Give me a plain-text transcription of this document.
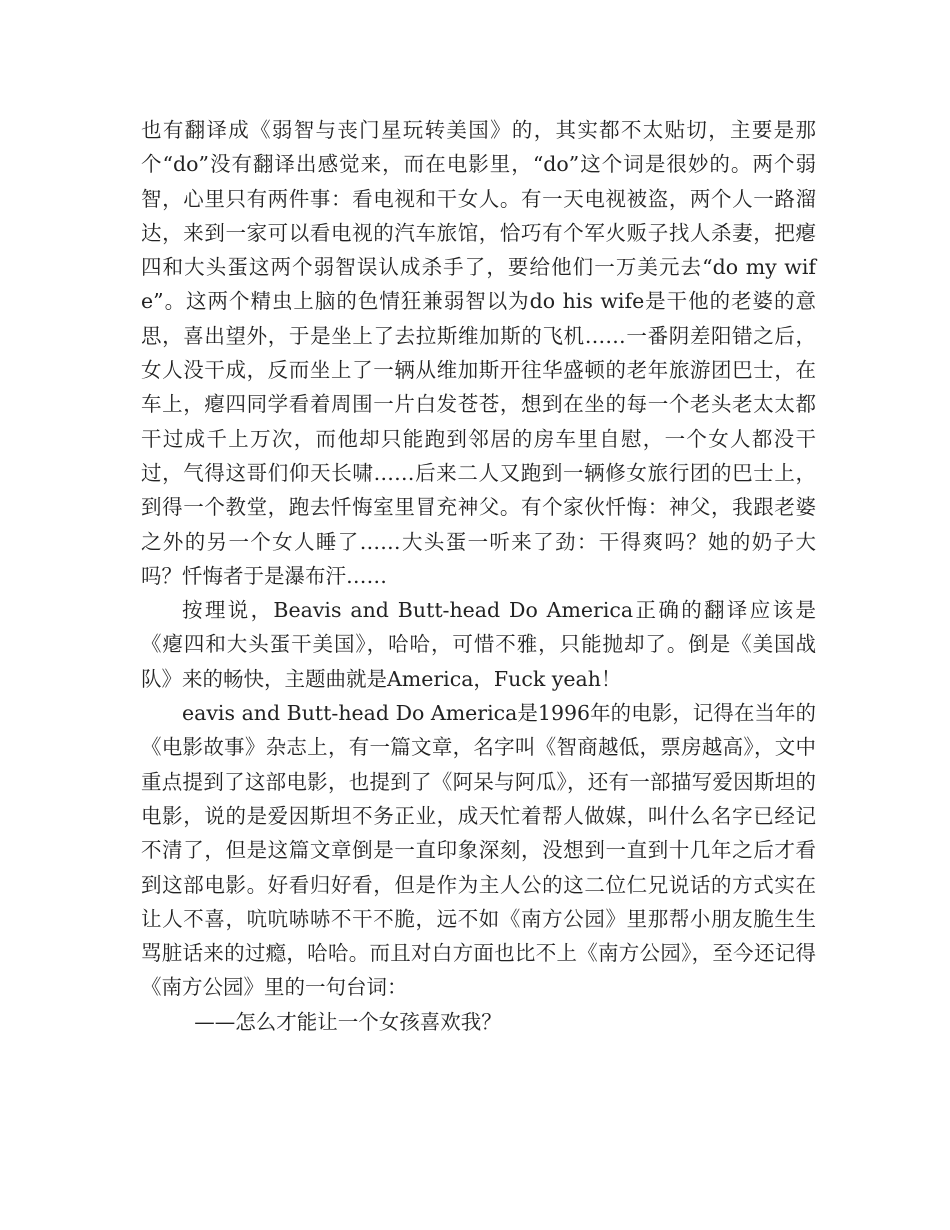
也有翻译成《弱智与丧门星玩转美国》的，其实都不太贴切，主要是那个“do”没有翻译出感觉来，而在电影里，“do”这个词是很妙的。两个弱智，心里只有两件事：看电视和干女人。有一天电视被盗，两个人一路溜达，来到一家可以看电视的汽车旅馆，恰巧有个军火贩子找人杀妻，把瘪四和大头蛋这两个弱智误认成杀手了，要给他们一万美元去“do my wife”。这两个精虫上脑的色情狂兼弱智以为do his wife是干他的老婆的意思，喜出望外，于是坐上了去拉斯维加斯的飞机……一番阴差阳错之后，女人没干成，反而坐上了一辆从维加斯开往华盛顿的老年旅游团巴士，在车上，瘪四同学看着周围一片白发苍苍，想到在坐的每一个老头老太太都干过成千上万次，而他却只能跑到邻居的房车里自慰，一个女人都没干过，气得这哥们仰天长啸……后来二人又跑到一辆修女旅行团的巴士上，到得一个教堂，跑去忏悔室里冒充神父。有个家伙忏悔：神父，我跟老婆之外的另一个女人睡了……大头蛋一听来了劲：干得爽吗？她的奶子大吗？忏悔者于是瀑布汗……

按理说，Beavis and Butt-head Do America正确的翻译应该是《瘪四和大头蛋干美国》，哈哈，可惜不雅，只能抛却了。倒是《美国战队》来的畅快，主题曲就是America，Fuck yeah！

eavis and Butt-head Do America是1996年的电影，记得在当年的《电影故事》杂志上，有一篇文章，名字叫《智商越低，票房越高》，文中重点提到了这部电影，也提到了《阿呆与阿瓜》，还有一部描写爱因斯坦的电影，说的是爱因斯坦不务正业，成天忙着帮人做媒，叫什么名字已经记不清了，但是这篇文章倒是一直印象深刻，没想到一直到十几年之后才看到这部电影。好看归好看，但是作为主人公的这二位仁兄说话的方式实在让人不喜，吭吭哧哧不干不脆，远不如《南方公园》里那帮小朋友脆生生骂脏话来的过瘾，哈哈。而且对白方面也比不上《南方公园》，至今还记得《南方公园》里的一句台词：

——怎么才能让一个女孩喜欢我？
